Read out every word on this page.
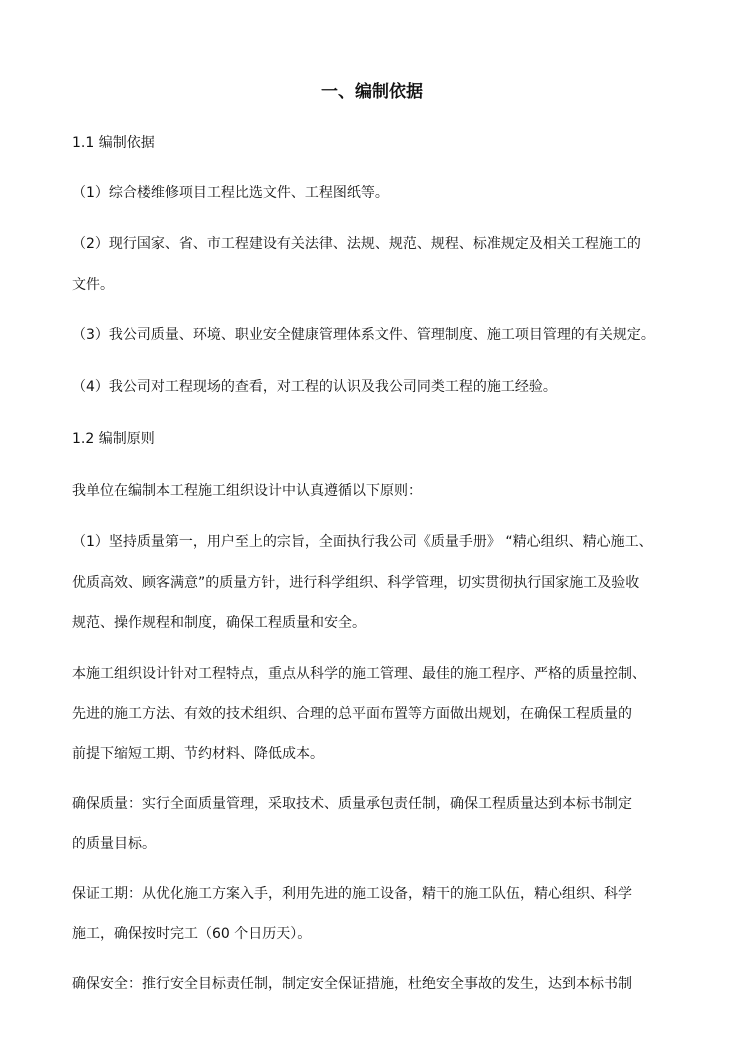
一、编制依据

1.1 编制依据

（1）综合楼维修项目工程比选文件、工程图纸等。

（2）现行国家、省、市工程建设有关法律、法规、规范、规程、标准规定及相关工程施工的

文件。

（3）我公司质量、环境、职业安全健康管理体系文件、管理制度、施工项目管理的有关规定。

（4）我公司对工程现场的查看，对工程的认识及我公司同类工程的施工经验。

1.2 编制原则

我单位在编制本工程施工组织设计中认真遵循以下原则：

（1）坚持质量第一，用户至上的宗旨，全面执行我公司《质量手册》 “精心组织、精心施工、

优质高效、顾客满意”的质量方针，进行科学组织、科学管理，切实贯彻执行国家施工及验收

规范、操作规程和制度，确保工程质量和安全。

本施工组织设计针对工程特点，重点从科学的施工管理、最佳的施工程序、严格的质量控制、

先进的施工方法、有效的技术组织、合理的总平面布置等方面做出规划，在确保工程质量的

前提下缩短工期、节约材料、降低成本。

确保质量：实行全面质量管理，采取技术、质量承包责任制，确保工程质量达到本标书制定

的质量目标。

保证工期：从优化施工方案入手，利用先进的施工设备，精干的施工队伍，精心组织、科学

施工，确保按时完工（60 个日历天）。

确保安全：推行安全目标责任制，制定安全保证措施，杜绝安全事故的发生，达到本标书制
